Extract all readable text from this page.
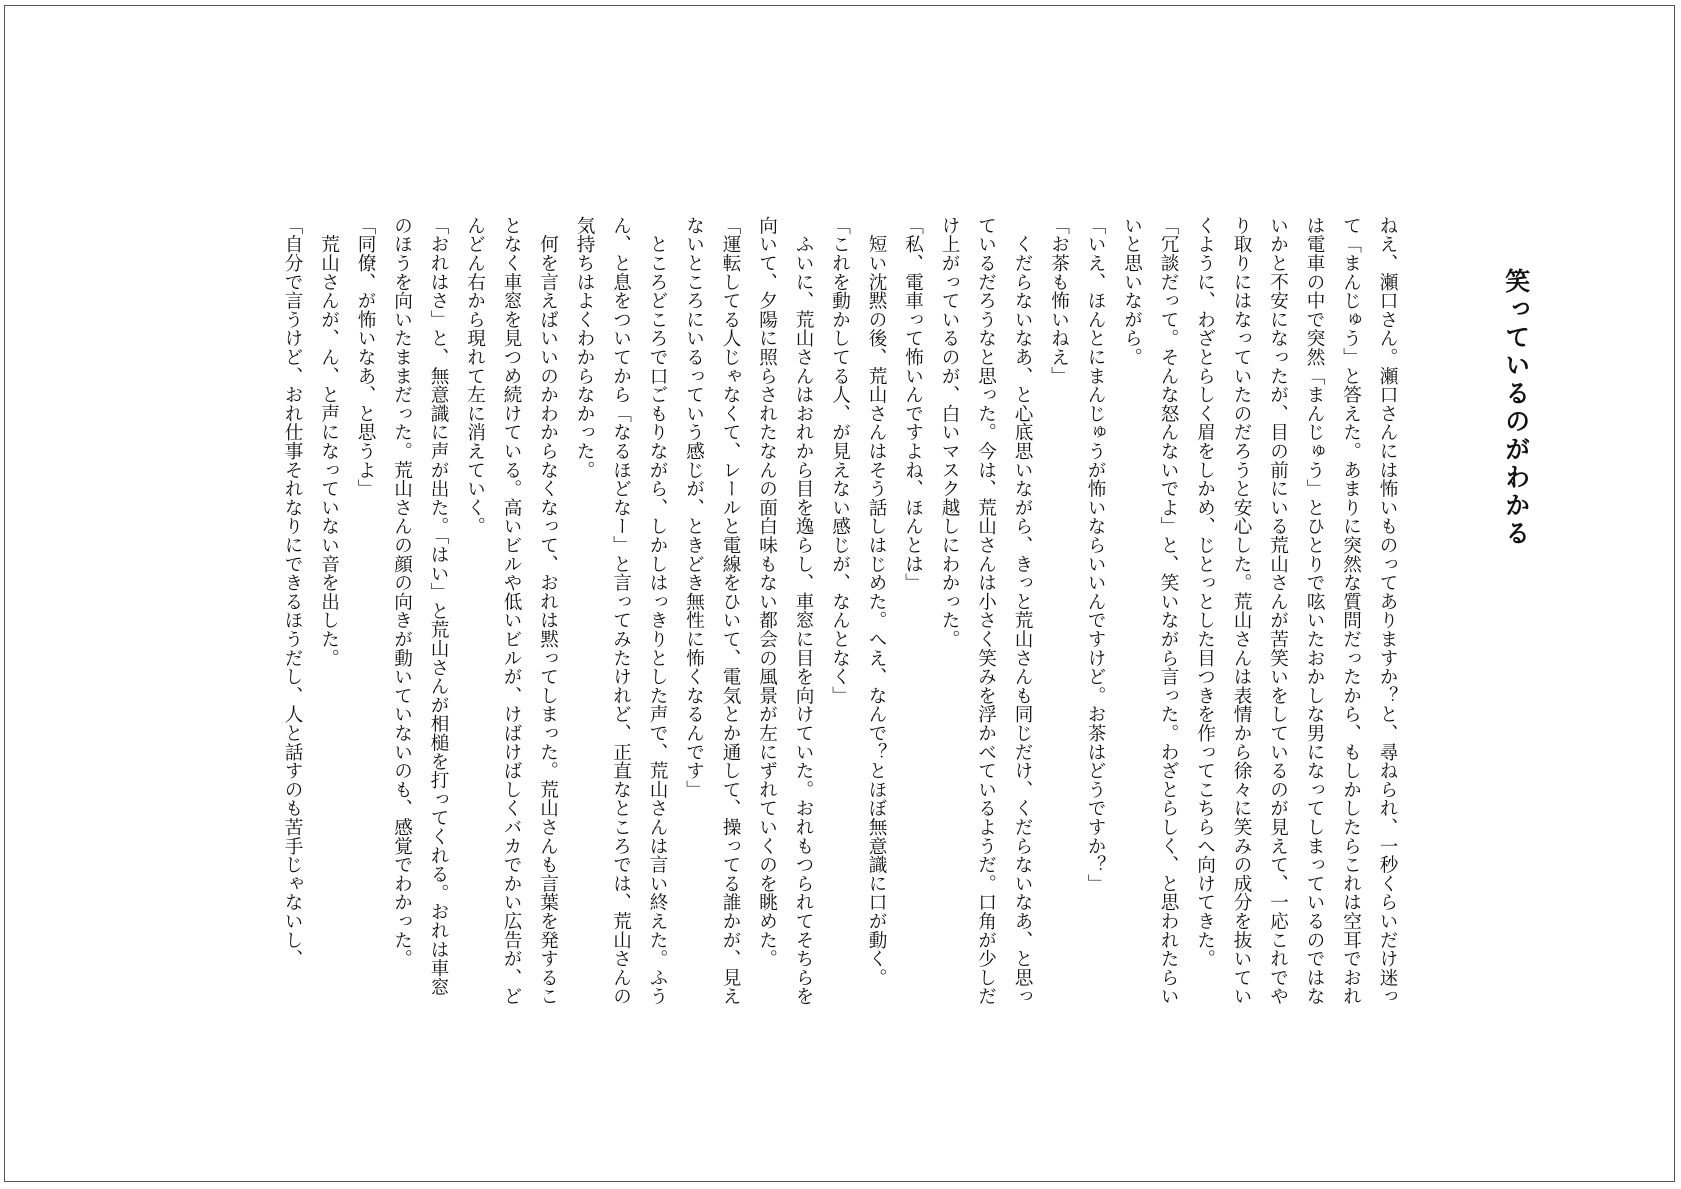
笑っているのがわかる

ねえ、瀬口さん。瀬口さんには怖いものってありますか？と、尋ねられ、一秒くらいだけ迷って「まんじゅう」と答えた。あまりに突然な質問だったから、もしかしたらこれは空耳でおれは電車の中で突然「まんじゅう」とひとりで呟いたおかしな男になってしまっているのではないかと不安になったが、目の前にいる荒山さんが苦笑いをしているのが見えて、一応これでやり取りにはなっていたのだろうと安心した。荒山さんは表情から徐々に笑みの成分を抜いていくように、わざとらしく眉をしかめ、じとっとした目つきを作ってこちらへ向けてきた。

「冗談だって。そんな怒んないでよ」と、笑いながら言った。わざとらしく、と思われたらいいと思いながら。

「いえ、ほんとにまんじゅうが怖いならいいんですけど。お茶はどうですか？」

「お茶も怖いねえ」

　くだらないなあ、と心底思いながら、きっと荒山さんも同じだけ、くだらないなあ、と思っているだろうなと思った。今は、荒山さんは小さく笑みを浮かべているようだ。口角が少しだけ上がっているのが、白いマスク越しにわかった。

「私、電車って怖いんですよね、ほんとは」

　短い沈黙の後、荒山さんはそう話しはじめた。へえ、なんで？とほぼ無意識に口が動く。

「これを動かしてる人、が見えない感じが、なんとなく」

　ふいに、荒山さんはおれから目を逸らし、車窓に目を向けていた。おれもつられてそちらを向いて、夕陽に照らされたなんの面白味もない都会の風景が左にずれていくのを眺めた。

「運転してる人じゃなくて、レールと電線をひいて、電気とか通して、操ってる誰かが、見えないところにいるっていう感じが、ときどき無性に怖くなるんです」

　ところどころで口ごもりながら、しかしはっきりとした声で、荒山さんは言い終えた。ふうん、と息をついてから「なるほどなー」と言ってみたけれど、正直なところでは、荒山さんの気持ちはよくわからなかった。

　何を言えばいいのかわからなくなって、おれは黙ってしまった。荒山さんも言葉を発することなく車窓を見つめ続けている。高いビルや低いビルが、けばけばしくバカでかい広告が、どんどん右から現れて左に消えていく。

「おれはさ」と、無意識に声が出た。「はい」と荒山さんが相槌を打ってくれる。おれは車窓のほうを向いたままだった。荒山さんの顔の向きが動いていないのも、感覚でわかった。

「同僚、が怖いなあ、と思うよ」

　荒山さんが、ん、と声になっていない音を出した。

「自分で言うけど、おれ仕事それなりにできるほうだし、人と話すのも苦手じゃないし、
